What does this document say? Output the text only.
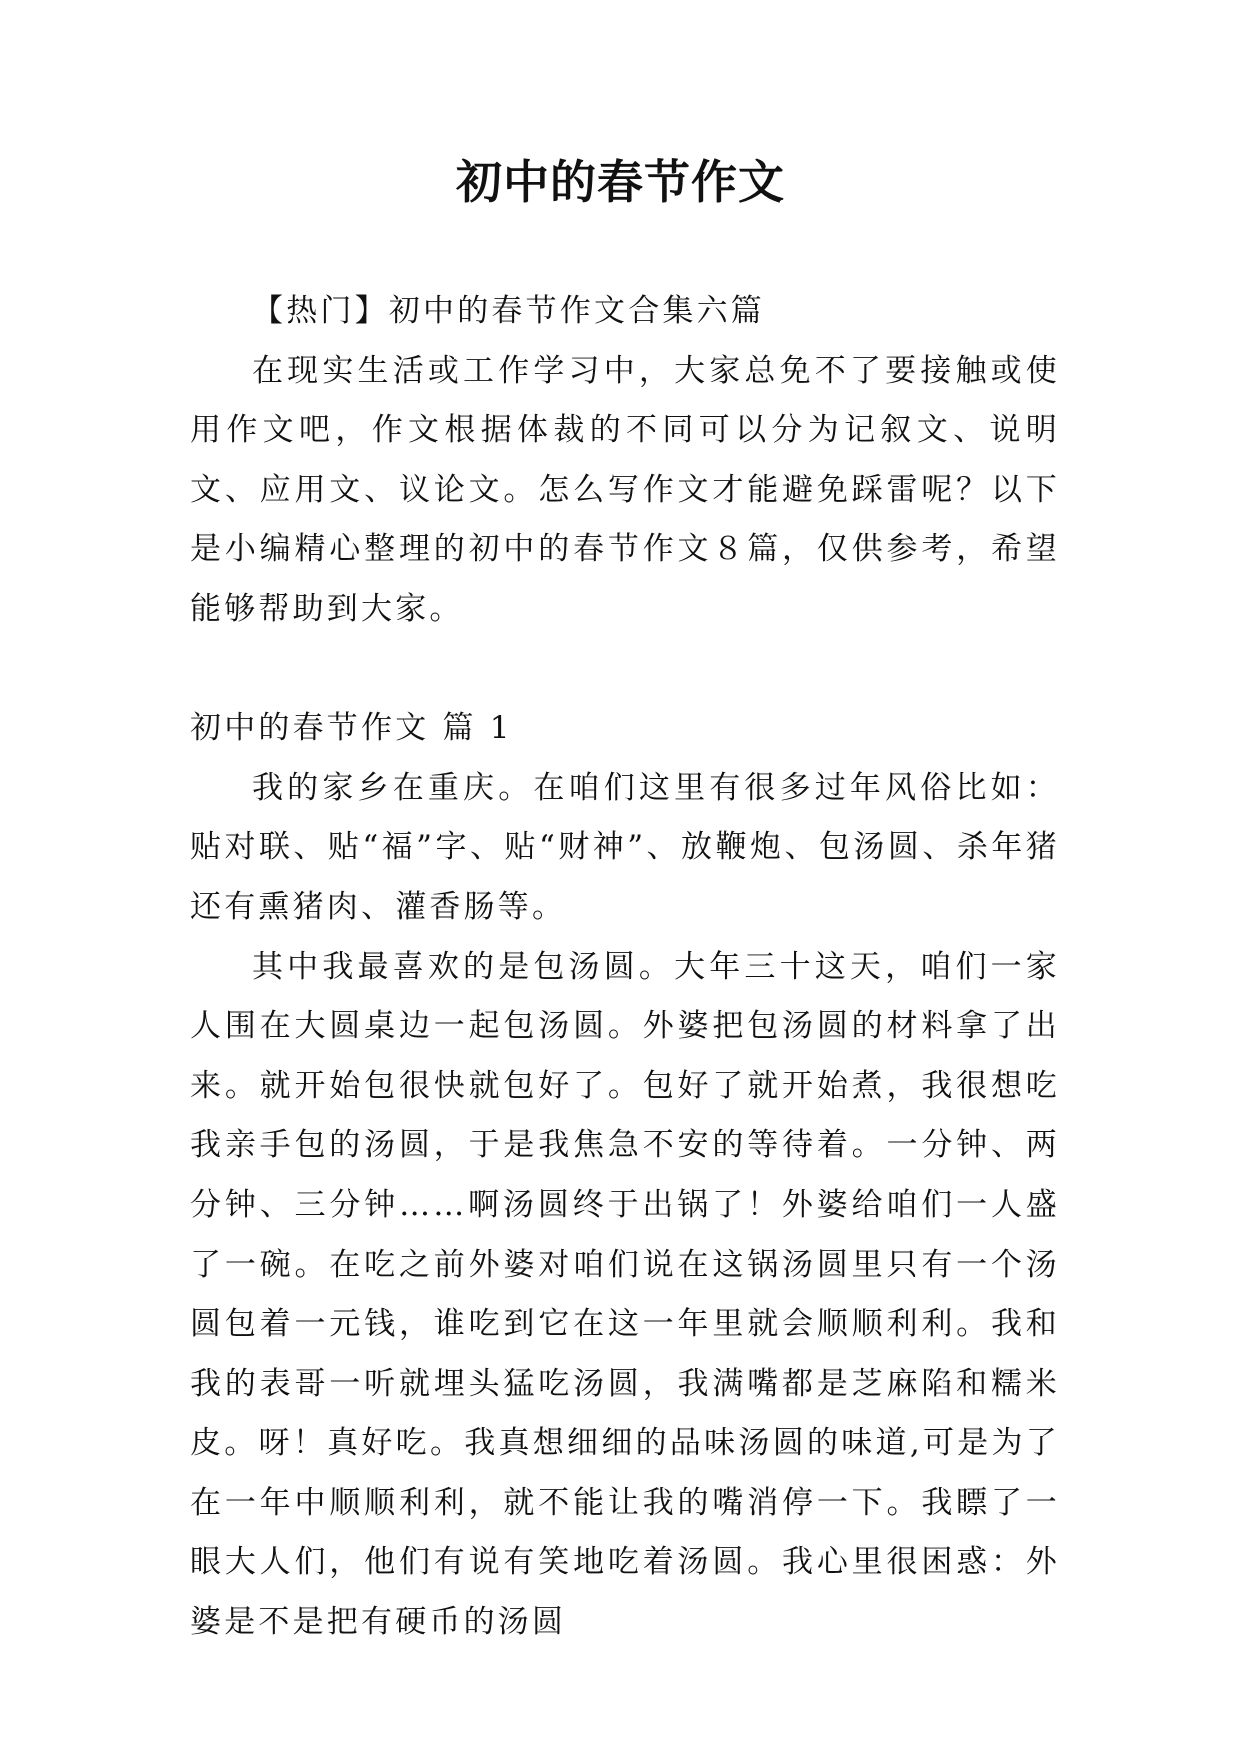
初中的春节作文

【热门】初中的春节作文合集六篇

在现实生活或工作学习中，大家总免不了要接触或使用作文吧，作文根据体裁的不同可以分为记叙文、说明文、应用文、议论文。怎么写作文才能避免踩雷呢？以下是小编精心整理的初中的春节作文８篇，仅供参考，希望能够帮助到大家。

初中的春节作文 篇 1

我的家乡在重庆。在咱们这里有很多过年风俗比如：贴对联、贴“福”字、贴“财神”、放鞭炮、包汤圆、杀年猪还有熏猪肉、灌香肠等。

其中我最喜欢的是包汤圆。大年三十这天，咱们一家人围在大圆桌边一起包汤圆。外婆把包汤圆的材料拿了出来。就开始包很快就包好了。包好了就开始煮，我很想吃我亲手包的汤圆，于是我焦急不安的等待着。一分钟、两分钟、三分钟……啊汤圆终于出锅了！外婆给咱们一人盛了一碗。在吃之前外婆对咱们说在这锅汤圆里只有一个汤圆包着一元钱，谁吃到它在这一年里就会顺顺利利。我和我的表哥一听就埋头猛吃汤圆，我满嘴都是芝麻陷和糯米皮。呀！真好吃。我真想细细的品味汤圆的味道,可是为了在一年中顺顺利利，就不能让我的嘴消停一下。我瞟了一眼大人们，他们有说有笑地吃着汤圆。我心里很困惑：外婆是不是把有硬币的汤圆
